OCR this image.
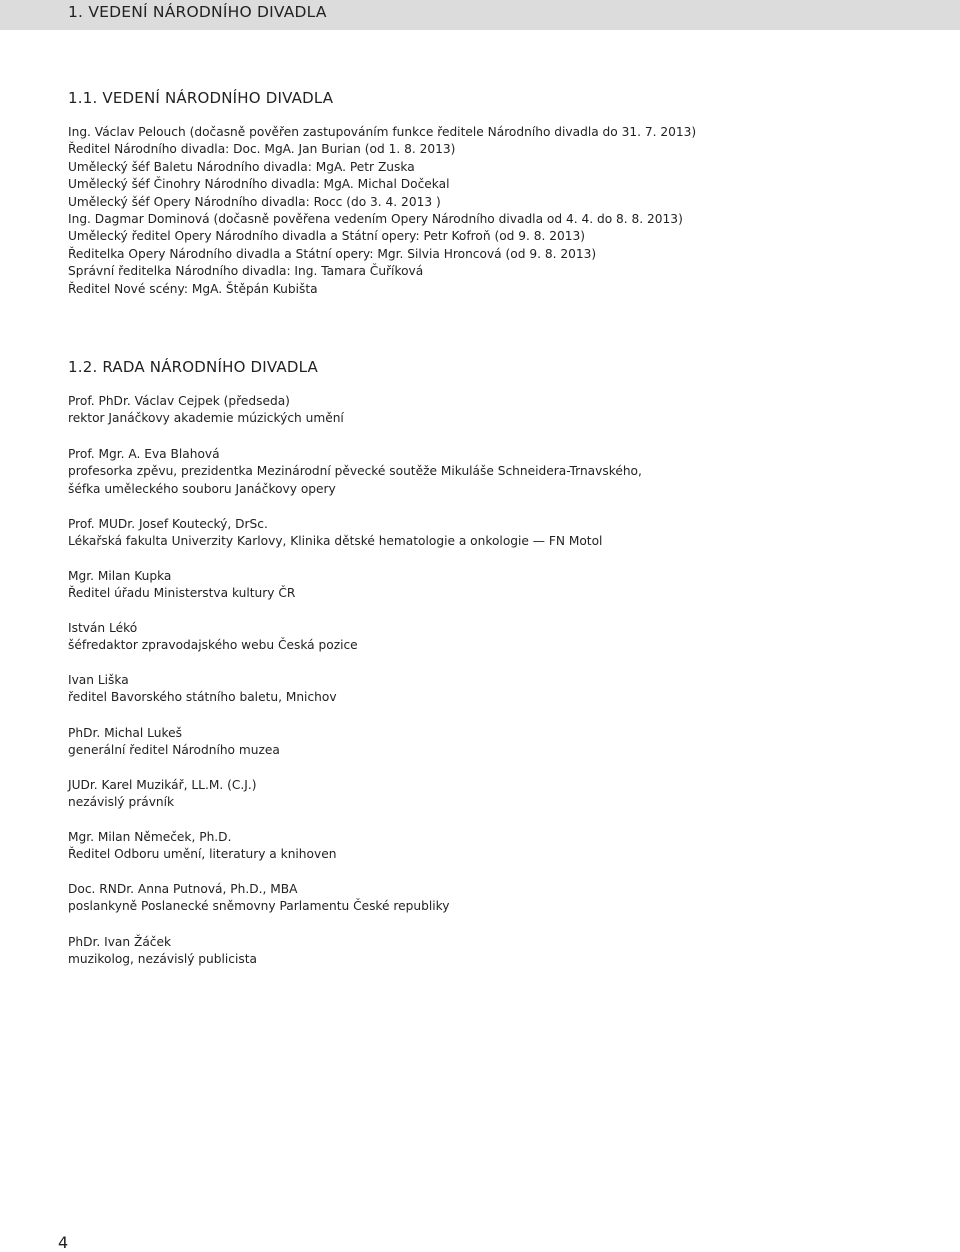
1. VEDENÍ NÁRODNÍHO DIVADLA
1.1. VEDENÍ NÁRODNÍHO DIVADLA
Ing. Václav Pelouch (dočasně pověřen zastupováním funkce ředitele Národního divadla do 31. 7. 2013)
Ředitel Národního divadla: Doc. MgA. Jan Burian (od 1. 8. 2013)
Umělecký šéf Baletu Národního divadla: MgA. Petr Zuska
Umělecký šéf Činohry Národního divadla: MgA. Michal Dočekal
Umělecký šéf Opery Národního divadla: Rocc (do 3. 4. 2013 )
Ing. Dagmar Dominová (dočasně pověřena vedením Opery Národního divadla od 4. 4. do 8. 8. 2013)
Umělecký ředitel Opery Národního divadla a Státní opery: Petr Kofroň (od 9. 8. 2013)
Ředitelka Opery Národního divadla a Státní opery: Mgr. Silvia Hroncová (od 9. 8. 2013)
Správní ředitelka Národního divadla: Ing. Tamara Čuříková
Ředitel Nové scény: MgA. Štěpán Kubišta
1.2. RADA NÁRODNÍHO DIVADLA
Prof. PhDr. Václav Cejpek (předseda)
rektor Janáčkovy akademie múzických umění
Prof. Mgr. A. Eva Blahová
profesorka zpěvu, prezidentka Mezinárodní pěvecké soutěže Mikuláše Schneidera-Trnavského,
šéfka uměleckého souboru Janáčkovy opery
Prof. MUDr. Josef Koutecký, DrSc.
Lékařská fakulta Univerzity Karlovy, Klinika dětské hematologie a onkologie — FN Motol
Mgr. Milan Kupka
Ředitel úřadu Ministerstva kultury ČR
István Lékó
šéfredaktor zpravodajského webu Česká pozice
Ivan Liška
ředitel Bavorského státního baletu, Mnichov
PhDr. Michal Lukeš
generální ředitel Národního muzea
JUDr. Karel Muzikář, LL.M. (C.J.)
nezávislý právník
Mgr. Milan Němeček, Ph.D.
Ředitel Odboru umění, literatury a knihoven
Doc. RNDr. Anna Putnová, Ph.D., MBA
poslankyně Poslanecké sněmovny Parlamentu České republiky
PhDr. Ivan Žáček
muzikolog, nezávislý publicista
4
